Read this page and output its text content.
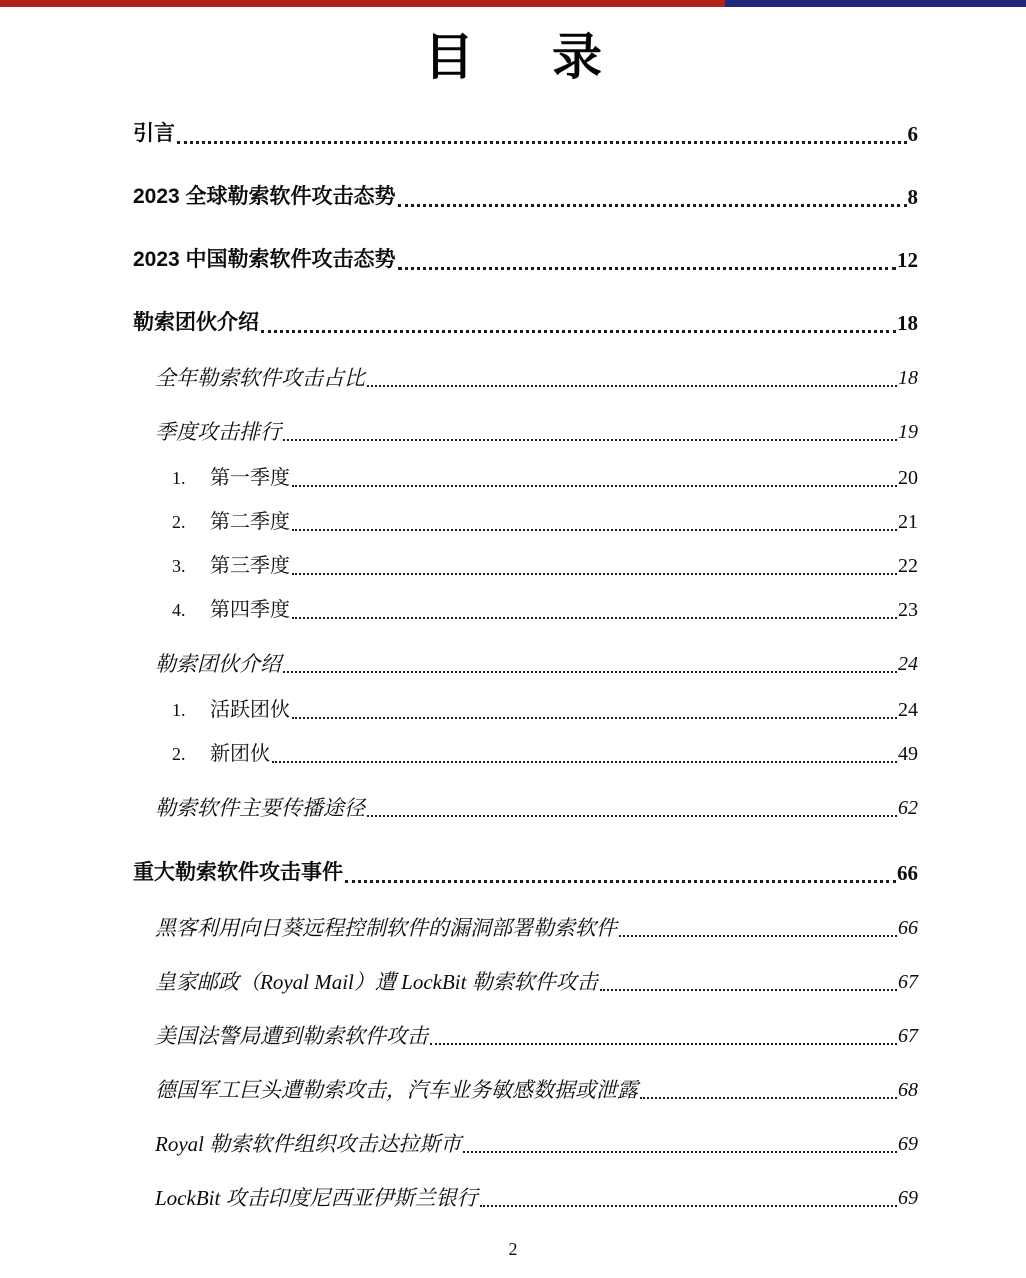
目 录
引言	6
2023 全球勒索软件攻击态势	8
2023 中国勒索软件攻击态势	12
勒索团伙介绍	18
全年勒索软件攻击占比	18
季度攻击排行	19
1.	第一季度	20
2.	第二季度	21
3.	第三季度	22
4.	第四季度	23
勒索团伙介绍	24
1.	活跃团伙	24
2.	新团伙	49
勒索软件主要传播途径	62
重大勒索软件攻击事件	66
黑客利用向日葵远程控制软件的漏洞部署勒索软件	66
皇家邮政（Royal Mail）遭 LockBit 勒索软件攻击	67
美国法警局遭到勒索软件攻击	67
德国军工巨头遭勒索攻击，汽车业务敏感数据或泄露	68
Royal 勒索软件组织攻击达拉斯市	69
LockBit 攻击印度尼西亚伊斯兰银行	69
2
